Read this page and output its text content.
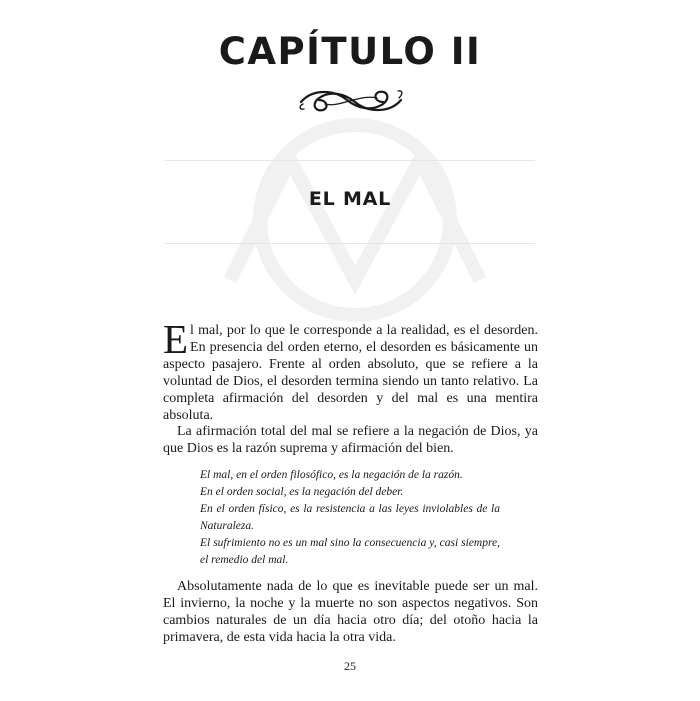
CAPÍTULO II
EL MAL
El mal, por lo que le corresponde a la realidad, es el desorden. En presencia del orden eterno, el desorden es básicamente un aspecto pasajero. Frente al orden absoluto, que se refiere a la voluntad de Dios, el desorden termina siendo un tanto relativo. La completa afirmación del desorden y del mal es una mentira absoluta.
La afirmación total del mal se refiere a la negación de Dios, ya que Dios es la razón suprema y afirmación del bien.
El mal, en el orden filosófico, es la negación de la razón.
En el orden social, es la negación del deber.
En el orden físico, es la resistencia a las leyes inviolables de la Naturaleza.
El sufrimiento no es un mal sino la consecuencia y, casi siempre, el remedio del mal.
Absolutamente nada de lo que es inevitable puede ser un mal. El invierno, la noche y la muerte no son aspectos negativos. Son cambios naturales de un día hacia otro día; del otoño hacia la primavera, de esta vida hacia la otra vida.
25
